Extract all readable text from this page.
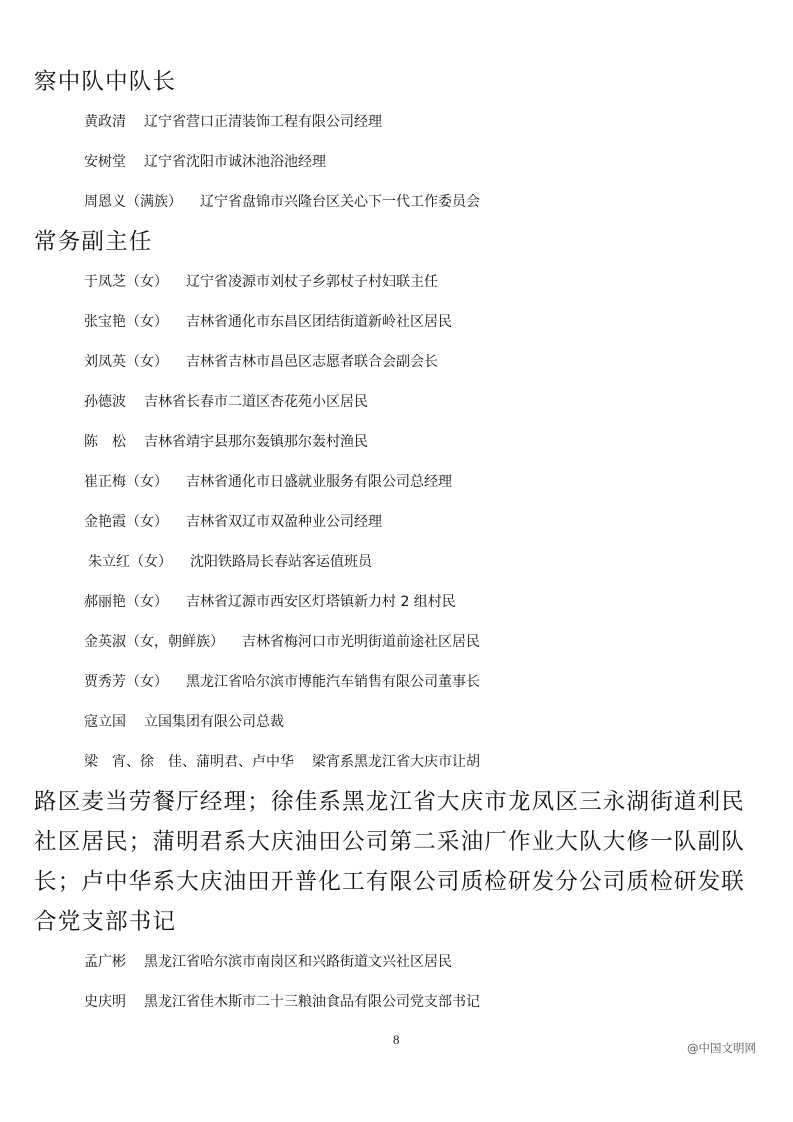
察中队中队长
黄政清 辽宁省营口正清装饰工程有限公司经理
安树堂 辽宁省沈阳市诚沐池浴池经理
周恩义（满族） 辽宁省盘锦市兴隆台区关心下一代工作委员会
常务副主任
于凤芝（女） 辽宁省凌源市刘杖子乡郭杖子村妇联主任
张宝艳（女） 吉林省通化市东昌区团结街道新岭社区居民
刘凤英（女） 吉林省吉林市昌邑区志愿者联合会副会长
孙德波 吉林省长春市二道区杏花苑小区居民
陈　松 吉林省靖宇县那尔轰镇那尔轰村渔民
崔正梅（女） 吉林省通化市日盛就业服务有限公司总经理
金艳霞（女） 吉林省双辽市双盈种业公司经理
朱立红（女） 沈阳铁路局长春站客运值班员
郝丽艳（女） 吉林省辽源市西安区灯塔镇新力村 2 组村民
金英淑（女，朝鲜族） 吉林省梅河口市光明街道前途社区居民
贾秀芳（女） 黑龙江省哈尔滨市博能汽车销售有限公司董事长
寇立国 立国集团有限公司总裁
梁　宵、徐　佳、蒲明君、卢中华 梁宵系黑龙江省大庆市让胡
路区麦当劳餐厅经理；徐佳系黑龙江省大庆市龙凤区三永湖街道利民
社区居民；蒲明君系大庆油田公司第二采油厂作业大队大修一队副队
长；卢中华系大庆油田开普化工有限公司质检研发分公司质检研发联
合党支部书记
孟广彬 黑龙江省哈尔滨市南岗区和兴路街道文兴社区居民
史庆明 黑龙江省佳木斯市二十三粮油食品有限公司党支部书记
8
@中国文明网
